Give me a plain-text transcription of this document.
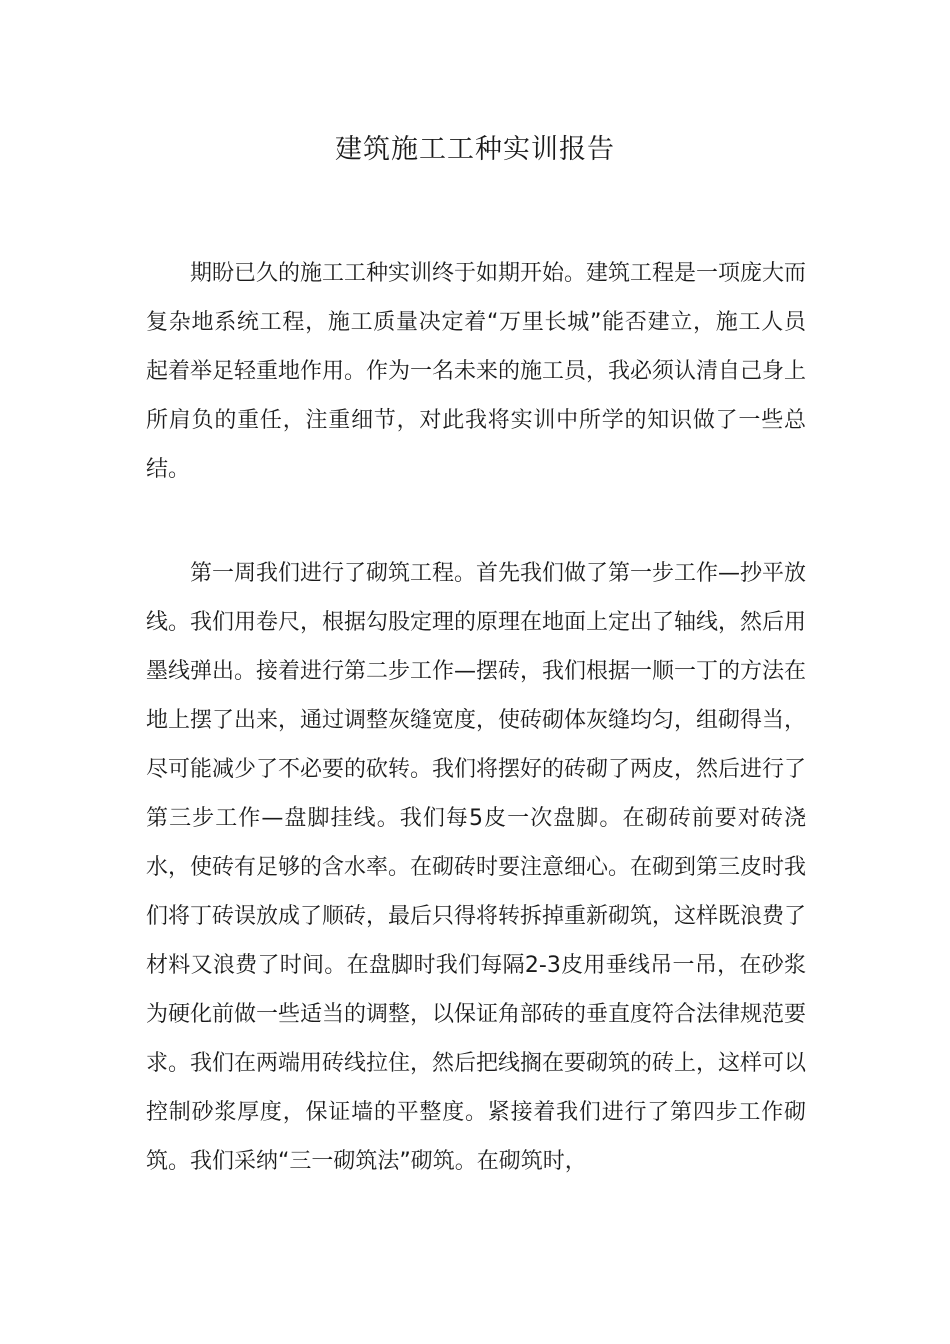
建筑施工工种实训报告

期盼已久的施工工种实训终于如期开始。建筑工程是一项庞大而复杂地系统工程，施工质量决定着“万里长城”能否建立，施工人员起着举足轻重地作用。作为一名未来的施工员，我必须认清自己身上所肩负的重任，注重细节，对此我将实训中所学的知识做了一些总结。

第一周我们进行了砌筑工程。首先我们做了第一步工作—抄平放线。我们用卷尺，根据勾股定理的原理在地面上定出了轴线，然后用墨线弹出。接着进行第二步工作—摆砖，我们根据一顺一丁的方法在地上摆了出来，通过调整灰缝宽度，使砖砌体灰缝均匀，组砌得当，尽可能减少了不必要的砍转。我们将摆好的砖砌了两皮，然后进行了第三步工作—盘脚挂线。我们每5皮一次盘脚。在砌砖前要对砖浇水，使砖有足够的含水率。在砌砖时要注意细心。在砌到第三皮时我们将丁砖误放成了顺砖，最后只得将转拆掉重新砌筑，这样既浪费了材料又浪费了时间。在盘脚时我们每隔2-3皮用垂线吊一吊，在砂浆为硬化前做一些适当的调整，以保证角部砖的垂直度符合法律规范要求。我们在两端用砖线拉住，然后把线搁在要砌筑的砖上，这样可以控制砂浆厚度，保证墙的平整度。紧接着我们进行了第四步工作砌筑。我们采纳“三一砌筑法”砌筑。在砌筑时，
